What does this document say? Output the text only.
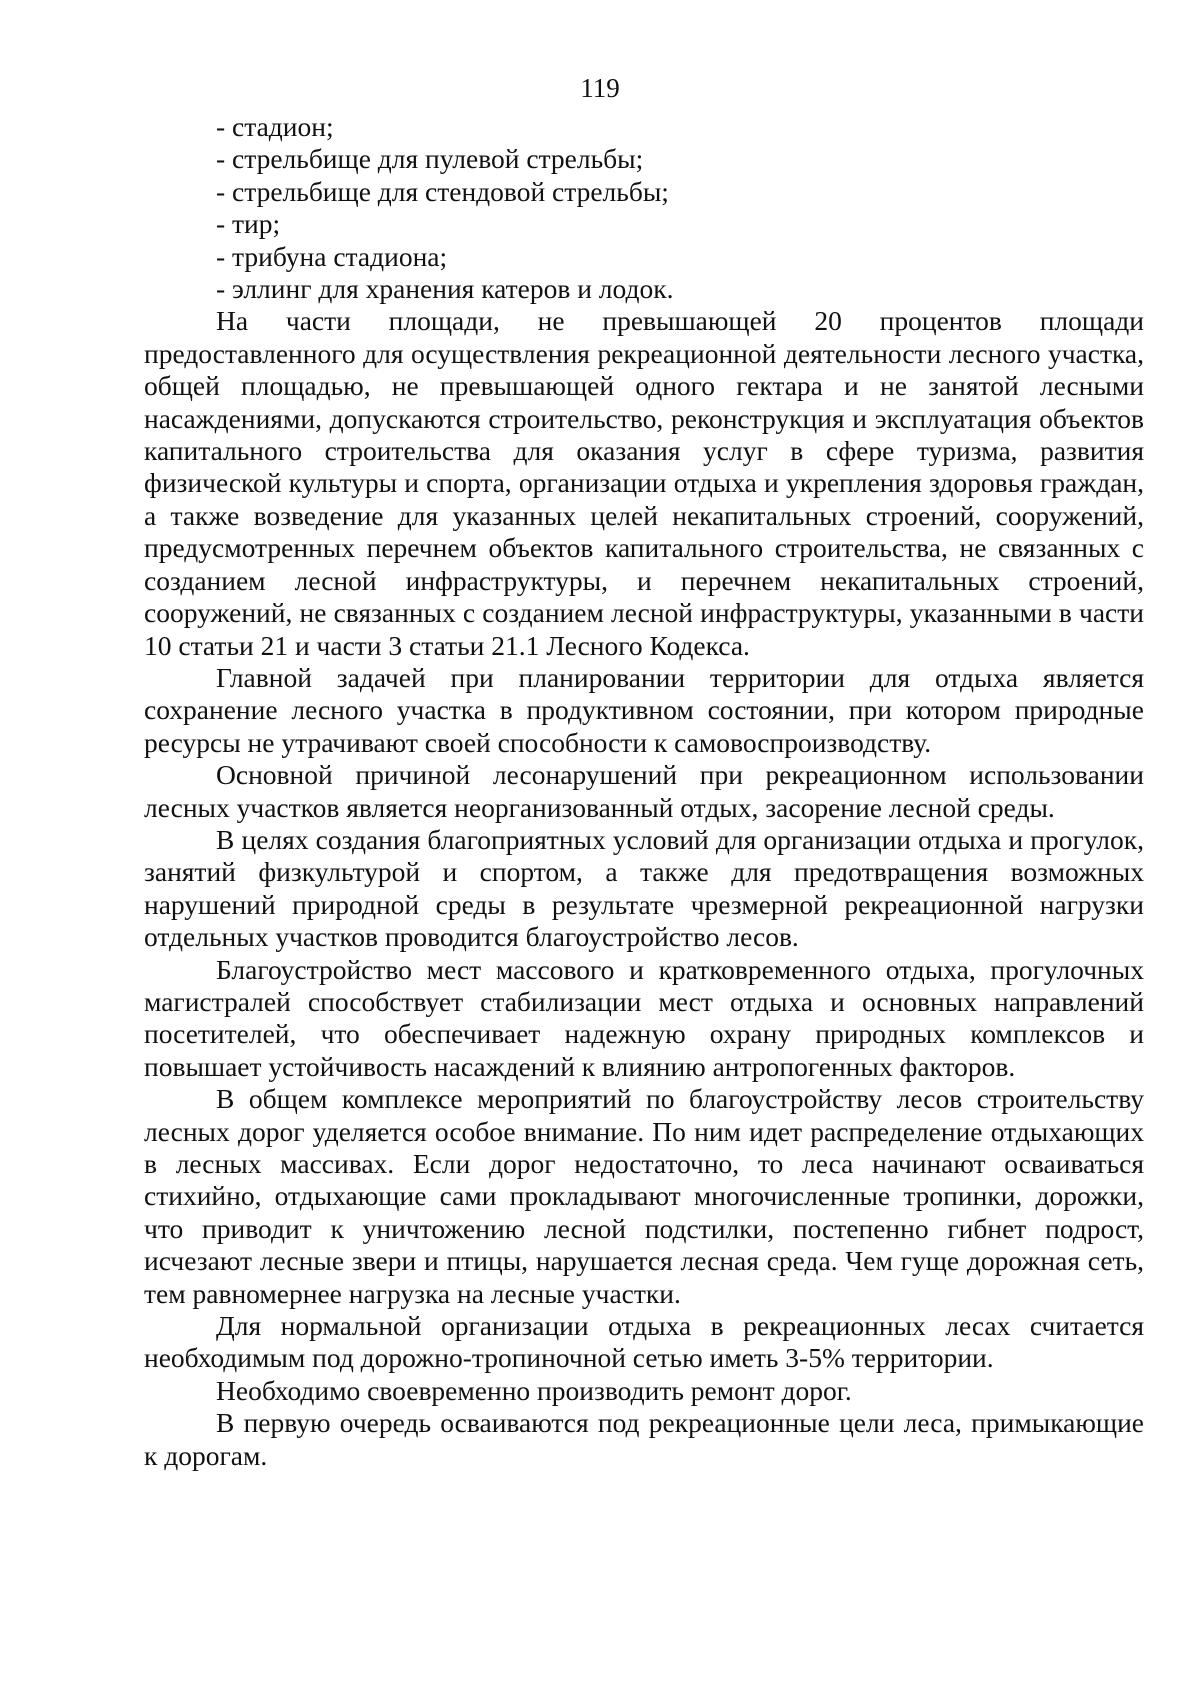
119

- стадион;

- стрельбище для пулевой стрельбы;

- стрельбище для стендовой стрельбы;

- тир;

- трибуна стадиона;

- эллинг для хранения катеров и лодок.

На части площади, не превышающей 20 процентов площади предоставленного для осуществления рекреационной деятельности лесного участка, общей площадью, не превышающей одного гектара и не занятой лесными насаждениями, допускаются строительство, реконструкция и эксплуатация объектов капитального строительства для оказания услуг в сфере туризма, развития физической культуры и спорта, организации отдыха и укрепления здоровья граждан, а также возведение для указанных целей некапитальных строений, сооружений, предусмотренных перечнем объектов капитального строительства, не связанных с созданием лесной инфраструктуры, и перечнем некапитальных строений, сооружений, не связанных с созданием лесной инфраструктуры, указанными в части 10 статьи 21 и части 3 статьи 21.1 Лесного Кодекса.

Главной задачей при планировании территории для отдыха является сохранение лесного участка в продуктивном состоянии, при котором природные ресурсы не утрачивают своей способности к самовоспроизводству.

Основной причиной лесонарушений при рекреационном использовании лесных участков является неорганизованный отдых, засорение лесной среды.

В целях создания благоприятных условий для организации отдыха и прогулок, занятий физкультурой и спортом, а также для предотвращения возможных нарушений природной среды в результате чрезмерной рекреационной нагрузки отдельных участков проводится благоустройство лесов.

Благоустройство мест массового и кратковременного отдыха, прогулочных магистралей способствует стабилизации мест отдыха и основных направлений посетителей, что обеспечивает надежную охрану природных комплексов и повышает устойчивость насаждений к влиянию антропогенных факторов.

В общем комплексе мероприятий по благоустройству лесов строительству лесных дорог уделяется особое внимание. По ним идет распределение отдыхающих в лесных массивах. Если дорог недостаточно, то леса начинают осваиваться стихийно, отдыхающие сами прокладывают многочисленные тропинки, дорожки, что приводит к уничтожению лесной подстилки, постепенно гибнет подрост, исчезают лесные звери и птицы, нарушается лесная среда. Чем гуще дорожная сеть, тем равномернее нагрузка на лесные участки.

Для нормальной организации отдыха в рекреационных лесах считается необходимым под дорожно-тропиночной сетью иметь 3-5% территории.

Необходимо своевременно производить ремонт дорог.

В первую очередь осваиваются под рекреационные цели леса, примыкающие к дорогам.
